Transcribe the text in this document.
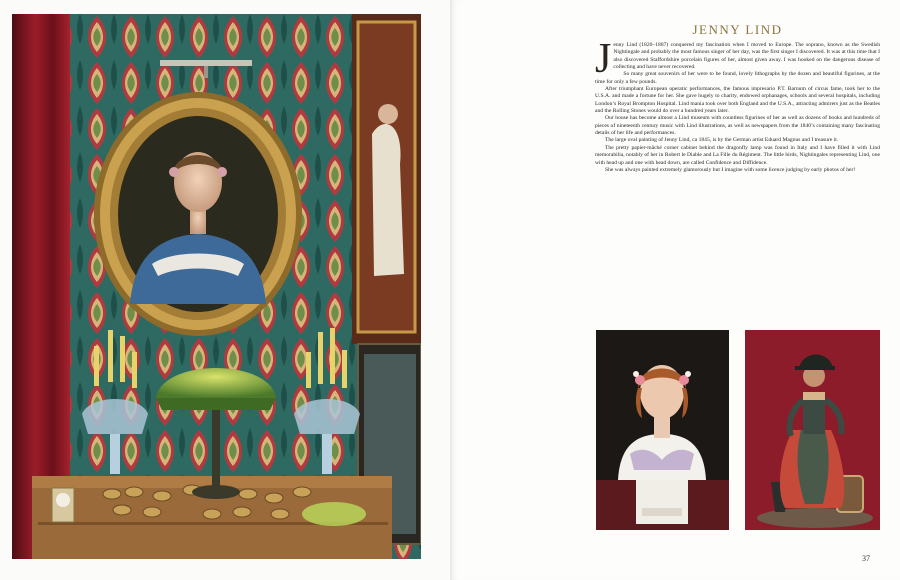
JENNY LIND

Jenny Lind (1820–1887) conquered my fascination when I moved to Europe. The soprano, known as the Swedish Nightingale and probably the most famous singer of her day, was the first singer I discovered. It was at this time that I also discovered Staffordshire porcelain figures of her, almost given away. I was hooked on the dangerous disease of collecting and have never recovered.

So many great souvenirs of her were to be found, lovely lithographs by the dozen and beautiful figurines, at the time for only a few pounds.

After triumphant European operatic performances, the famous impresario P.T. Barnum of circus fame, took her to the U.S.A. and made a fortune for her. She gave hugely to charity, endowed orphanages, schools and several hospitals, including London’s Royal Brompton Hospital. Lind mania took over both England and the U.S.A., attracting admirers just as the Beatles and the Rolling Stones would do over a hundred years later.

Our house has become almost a Lind museum with countless figurines of her as well as dozens of books and hundreds of pieces of nineteenth century music with Lind illustrations, as well as newspapers from the 1840’s containing many fascinating details of her life and performances.

The large oval painting of Jenny Lind, ca 1845, is by the German artist Eduard Magnus and I treasure it.

The pretty papier-mâché corner cabinet behind the dragonfly lamp was found in Italy and I have filled it with Lind memorabilia, notably of her in Robert le Diable and La Fille du Régiment. The little birds, Nightingales representing Lind, one with head up and one with head down, are called Confidence and Diffidence.

She was always painted extremely glamorously but I imagine with some licence judging by early photos of her!

37
